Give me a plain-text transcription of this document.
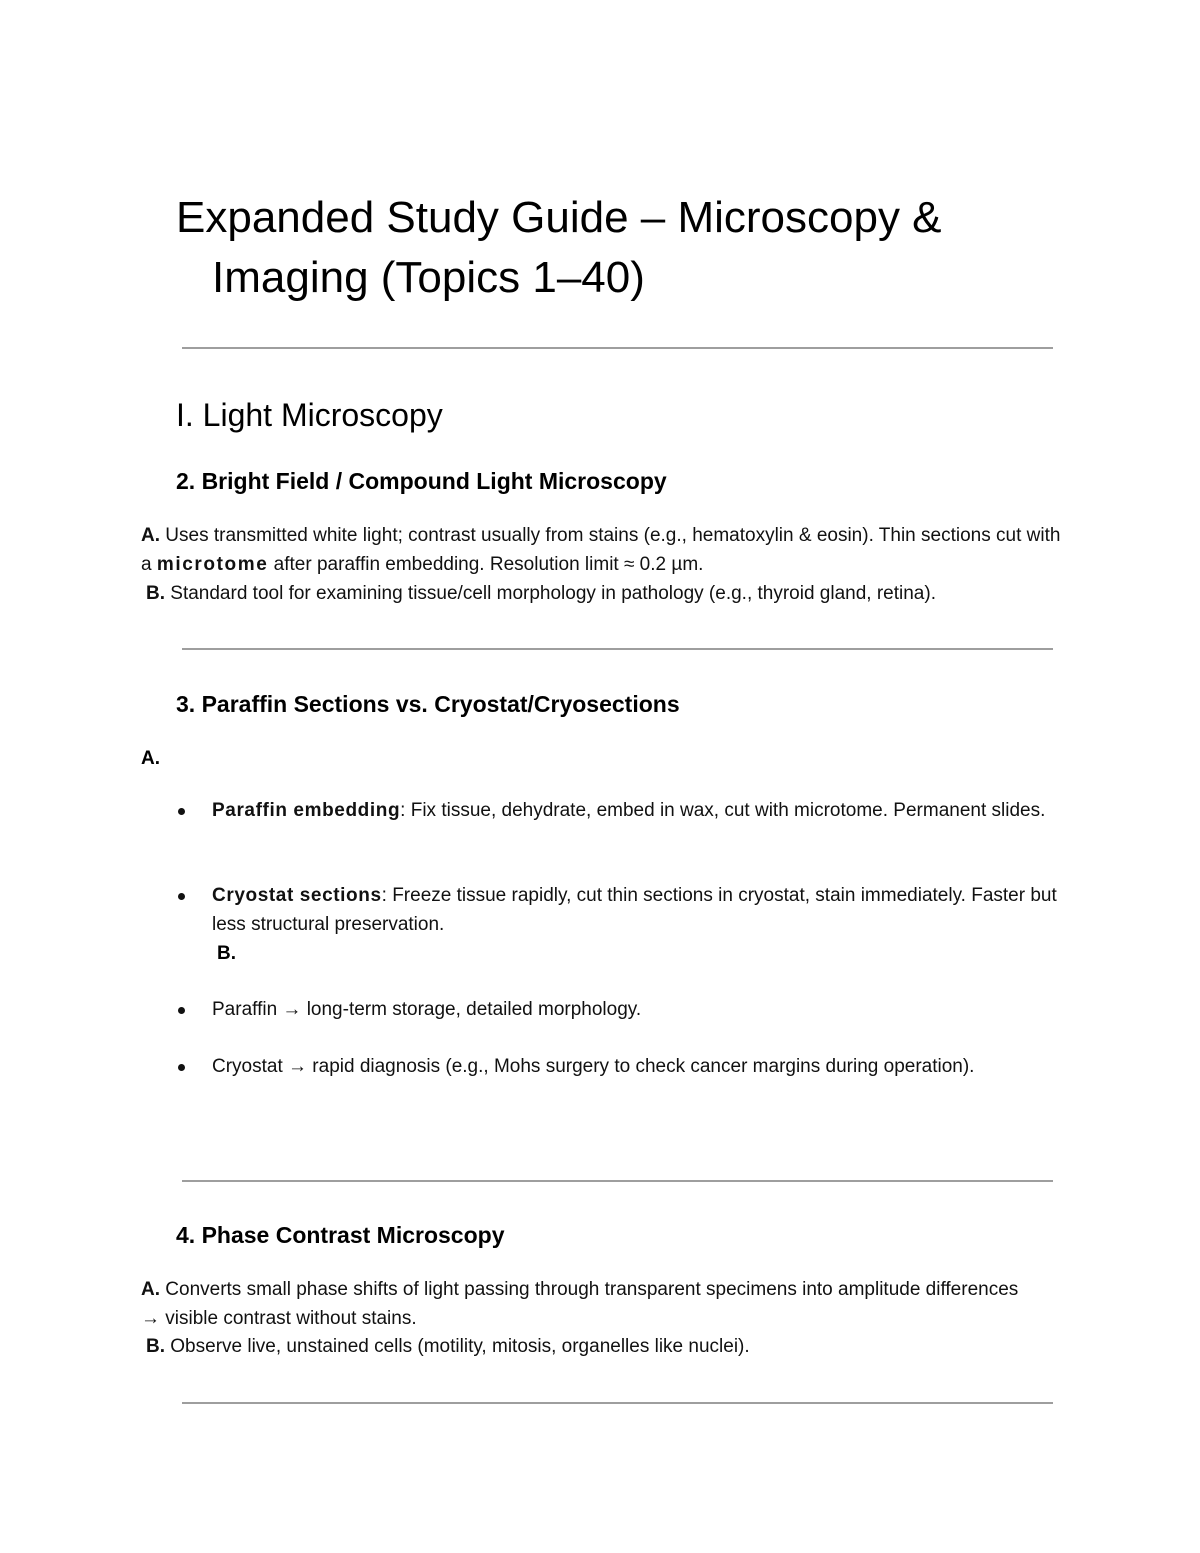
Expanded Study Guide – Microscopy &
Imaging (Topics 1–40)
I. Light Microscopy
2. Bright Field / Compound Light Microscopy

A. Uses transmitted white light; contrast usually from stains (e.g., hematoxylin & eosin). Thin sections cut with a microtome after paraffin embedding. Resolution limit ≈ 0.2 µm.

B. Standard tool for examining tissue/cell morphology in pathology (e.g., thyroid gland, retina).

3. Paraffin Sections vs. Cryostat/Cryosections
A.
Paraffin embedding: Fix tissue, dehydrate, embed in wax, cut with microtome. Permanent slides.
Cryostat sections: Freeze tissue rapidly, cut thin sections in cryostat, stain immediately. Faster but less structural preservation.
B.
Paraffin → long-term storage, detailed morphology.
Cryostat → rapid diagnosis (e.g., Mohs surgery to check cancer margins during operation).
4. Phase Contrast Microscopy

A. Converts small phase shifts of light passing through transparent specimens into amplitude differences → visible contrast without stains.

B. Observe live, unstained cells (motility, mitosis, organelles like nuclei).
